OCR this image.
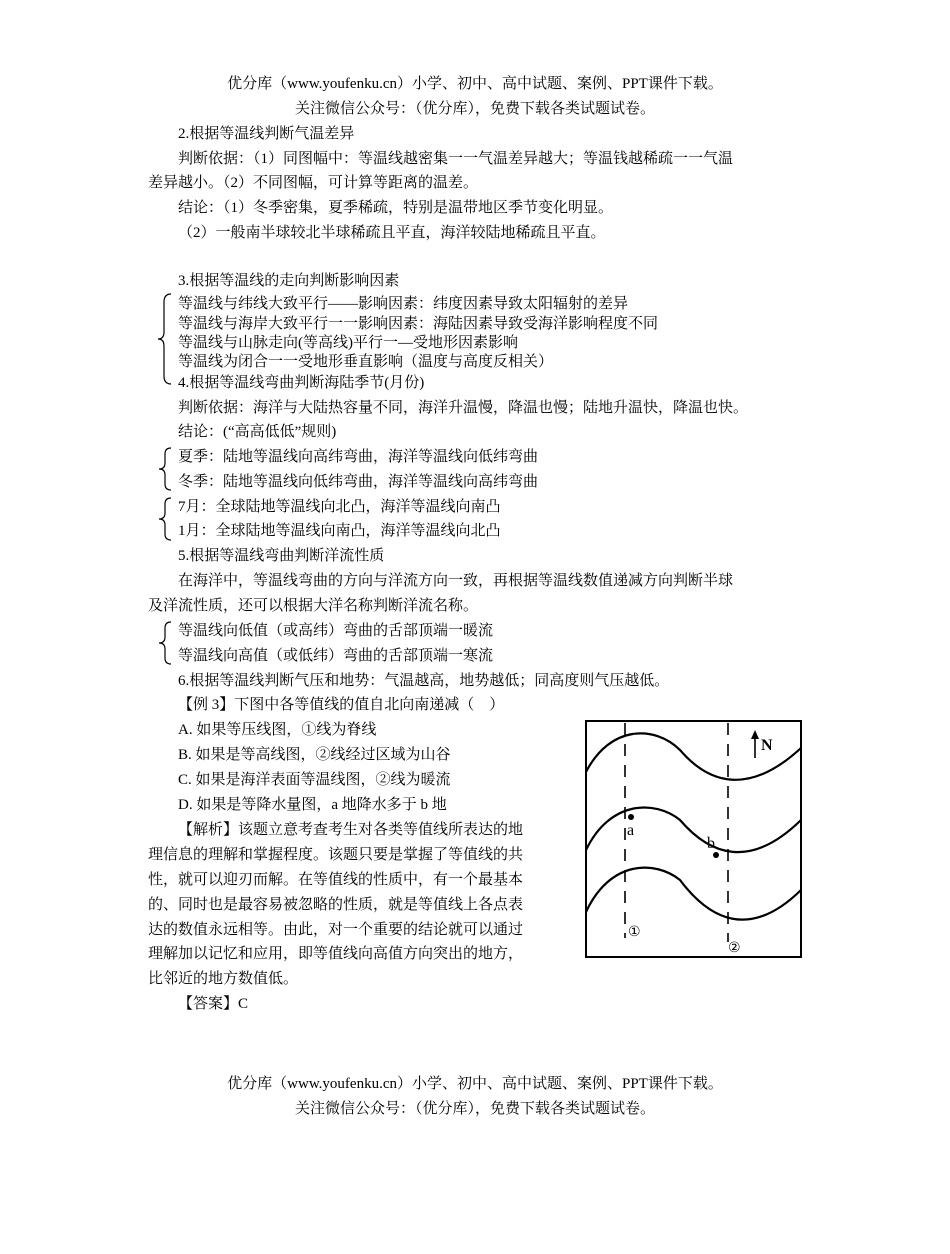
优分库（www.youfenku.cn）小学、初中、高中试题、案例、PPT课件下载。
关注微信公众号：（优分库），免费下载各类试题试卷。
2.根据等温线判断气温差异
判断依据：（1）同图幅中：等温线越密集一一气温差异越大；等温钱越稀疏一一气温
差异越小。（2）不同图幅，可计算等距离的温差。
结论：（1）冬季密集，夏季稀疏，特别是温带地区季节变化明显。
（2）一般南半球较北半球稀疏且平直，海洋较陆地稀疏且平直。
3.根据等温线的走向判断影响因素
等温线与纬线大致平行——影响因素：纬度因素导致太阳辐射的差异
等温线与海岸大致平行一一影响因素：海陆因素导致受海洋影响程度不同
等温线与山脉走向(等高线)平行一—受地形因素影响
等温线为闭合一一受地形垂直影响（温度与高度反相关）
4.根据等温线弯曲判断海陆季节(月份)
判断依据：海洋与大陆热容量不同，海洋升温慢，降温也慢；陆地升温快，降温也快。
结论：(“高高低低”规则)
夏季：陆地等温线向高纬弯曲，海洋等温线向低纬弯曲
冬季：陆地等温线向低纬弯曲，海洋等温线向高纬弯曲
7月：全球陆地等温线向北凸，海洋等温线向南凸
1月：全球陆地等温线向南凸，海洋等温线向北凸
5.根据等温线弯曲判断洋流性质
在海洋中，等温线弯曲的方向与洋流方向一致，再根据等温线数值递减方向判断半球
及洋流性质，还可以根据大洋名称判断洋流名称。
等温线向低值（或高纬）弯曲的舌部顶端一暖流
等温线向高值（或低纬）弯曲的舌部顶端一寒流
6.根据等温线判断气压和地势：气温越高，地势越低；同高度则气压越低。
【例 3】下图中各等值线的值自北向南递减（　）
A. 如果等压线图，①线为脊线
B. 如果是等高线图，②线经过区域为山谷
C. 如果是海洋表面等温线图，②线为暖流
D. 如果是等降水量图，a 地降水多于 b 地
【解析】该题立意考查考生对各类等值线所表达的地
理信息的理解和掌握程度。该题只要是掌握了等值线的共
性，就可以迎刃而解。在等值线的性质中，有一个最基本
的、同时也是最容易被忽略的性质，就是等值线上各点表
达的数值永远相等。由此，对一个重要的结论就可以通过
理解加以记忆和应用，即等值线向高值方向突出的地方，
比邻近的地方数值低。
【答案】C
N
a
b
①
②
优分库（www.youfenku.cn）小学、初中、高中试题、案例、PPT课件下载。
关注微信公众号：（优分库），免费下载各类试题试卷。
